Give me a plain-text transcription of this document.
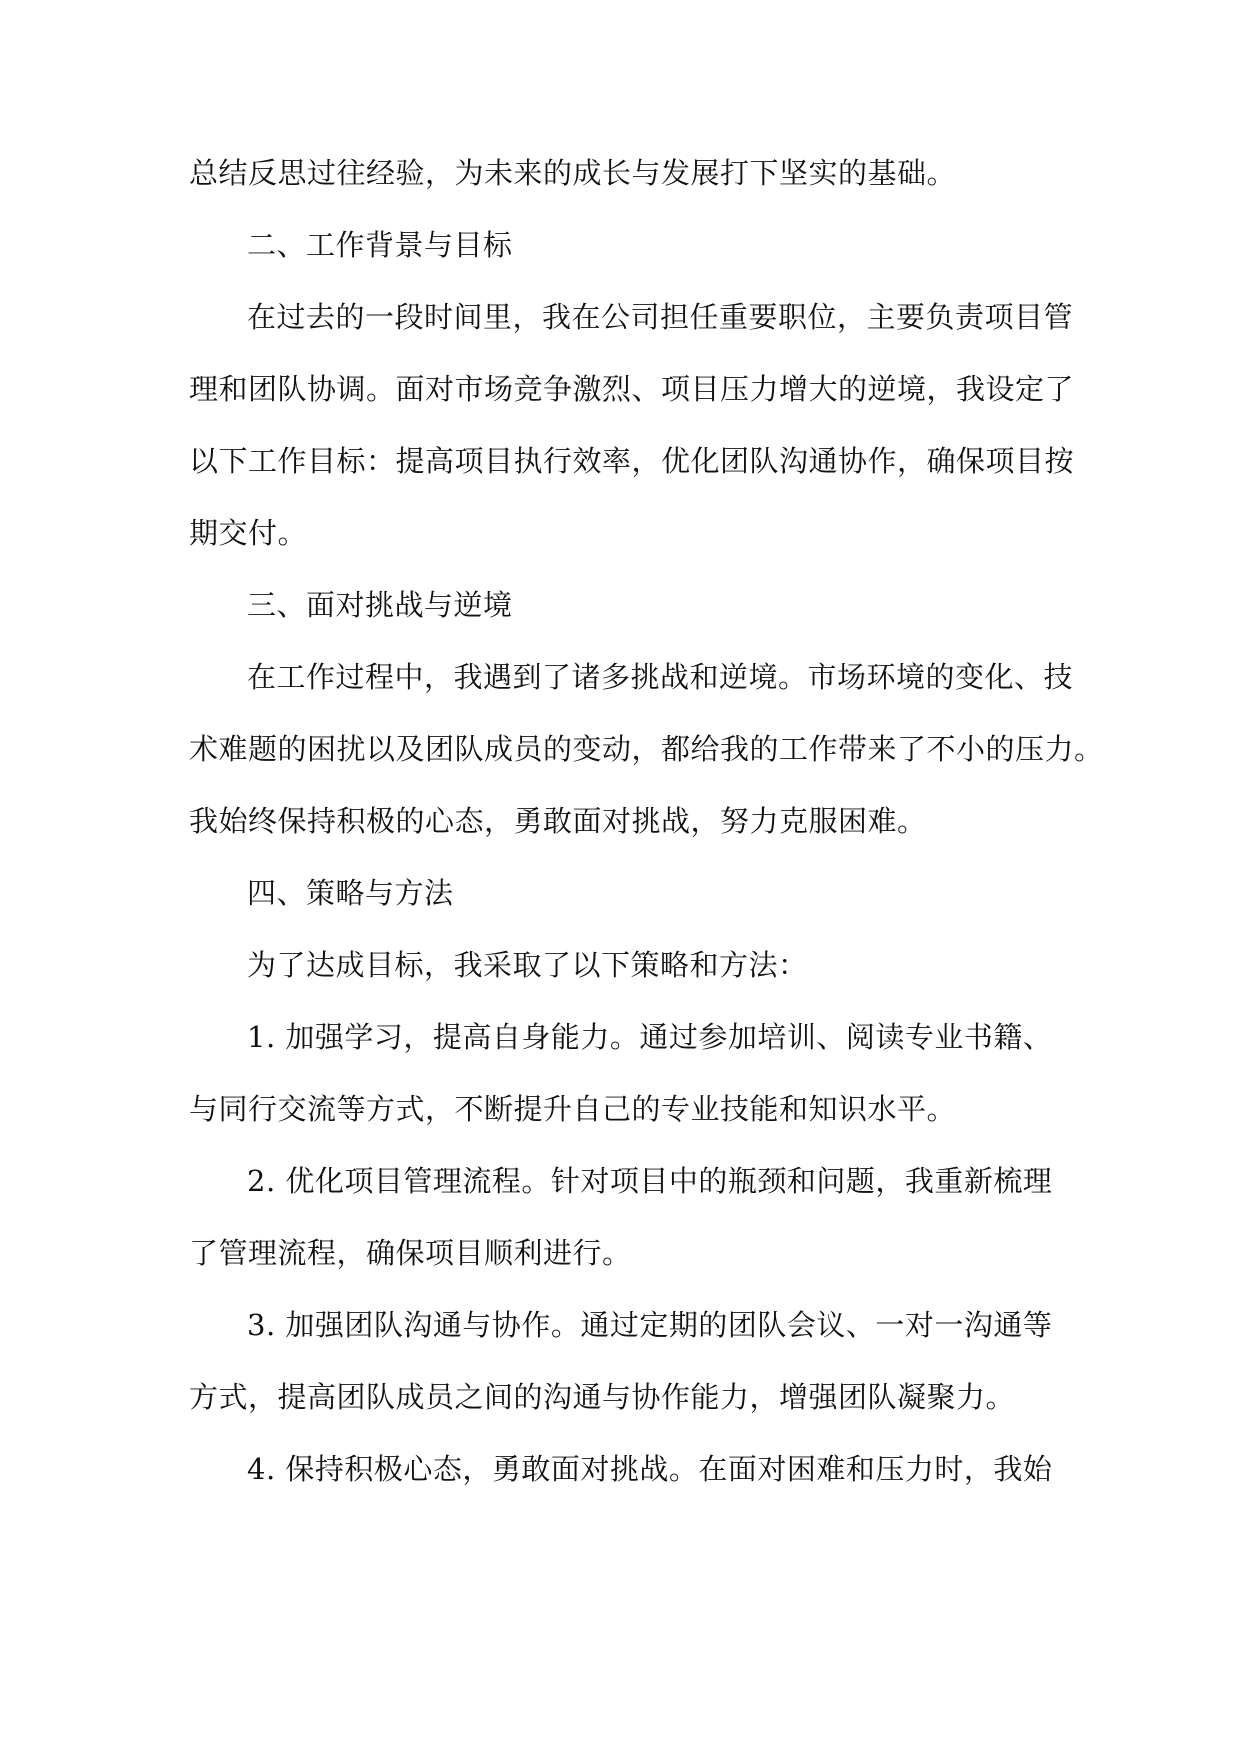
总结反思过往经验，为未来的成长与发展打下坚实的基础。
二、工作背景与目标
在过去的一段时间里，我在公司担任重要职位，主要负责项目管
理和团队协调。面对市场竞争激烈、项目压力增大的逆境，我设定了
以下工作目标：提高项目执行效率，优化团队沟通协作，确保项目按
期交付。
三、面对挑战与逆境
在工作过程中，我遇到了诸多挑战和逆境。市场环境的变化、技
术难题的困扰以及团队成员的变动，都给我的工作带来了不小的压力。
我始终保持积极的心态，勇敢面对挑战，努力克服困难。
四、策略与方法
为了达成目标，我采取了以下策略和方法：
1. 加强学习，提高自身能力。通过参加培训、阅读专业书籍、
与同行交流等方式，不断提升自己的专业技能和知识水平。
2. 优化项目管理流程。针对项目中的瓶颈和问题，我重新梳理
了管理流程，确保项目顺利进行。
3. 加强团队沟通与协作。通过定期的团队会议、一对一沟通等
方式，提高团队成员之间的沟通与协作能力，增强团队凝聚力。
4. 保持积极心态，勇敢面对挑战。在面对困难和压力时，我始
